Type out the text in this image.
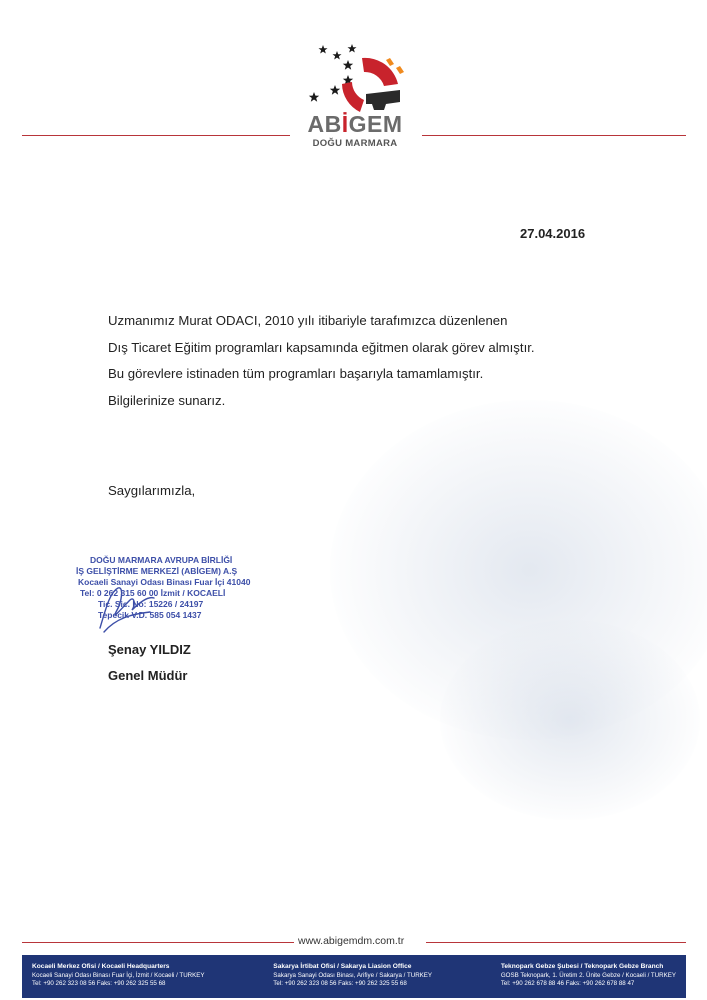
ABİGEM
DOĞU MARMARA
27.04.2016

Uzmanımız Murat ODACI, 2010 yılı itibariyle tarafımızca düzenlenen

Dış Ticaret Eğitim programları kapsamında eğitmen olarak görev almıştır.

Bu görevlere istinaden tüm programları başarıyla tamamlamıştır.

Bilgilerinize sunarız.

Saygılarımızla,
DOĞU MARMARA AVRUPA BİRLİĞİ
İŞ GELİŞTİRME MERKEZİ (ABİGEM) A.Ş
Kocaeli Sanayi Odası Binası Fuar İçi 41040
Tel: 0 262 315 60 00 İzmit / KOCAELİ
Tic. Sic. No: 15226 / 24197
Tepecik V.D. 585 054 1437
Şenay YILDIZ
Genel Müdür
www.abigemdm.com.tr
Kocaeli Merkez Ofisi / Kocaeli Headquarters
Kocaeli Sanayi Odası Binası Fuar İçi, İzmit / Kocaeli / TURKEY
Tel: +90 262 323 08 56 Faks: +90 262 325 55 68
Sakarya İrtibat Ofisi / Sakarya Liasion Office
Sakarya Sanayi Odası Binası, Arifiye / Sakarya / TURKEY
Tel: +90 262 323 08 56 Faks: +90 262 325 55 68
Teknopark Gebze Şubesi / Teknopark Gebze Branch
GOSB Teknopark, 1. Üretim 2. Ünite Gebze / Kocaeli / TURKEY
Tel: +90 262 678 88 46 Faks: +90 262 678 88 47
